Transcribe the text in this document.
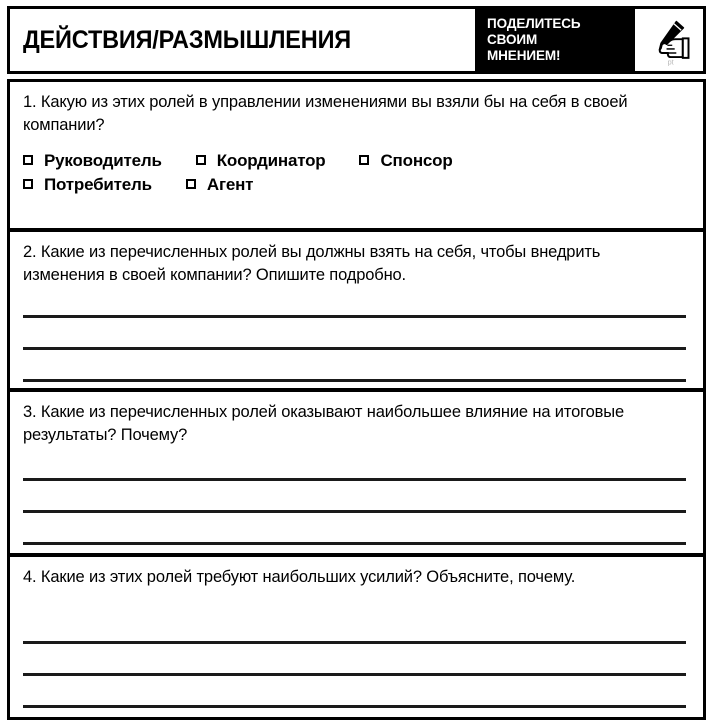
ДЕЙСТВИЯ/РАЗМЫШЛЕНИЯ
ПОДЕЛИТЕСЬ
СВОИМ
МНЕНИЕМ!	pt

1. Какую из этих ролей в управлении изменениями вы взяли бы на себя в своей компании?

Руководитель	Координатор	Спонсор
Потребитель	Агент

2. Какие из перечисленных ролей вы должны взять на себя, чтобы внедрить изменения в своей компании? Опишите подробно.

3. Какие из перечисленных ролей оказывают наибольшее влияние на итоговые результаты? Почему?

4. Какие из этих ролей требуют наибольших усилий? Объясните, почему.
